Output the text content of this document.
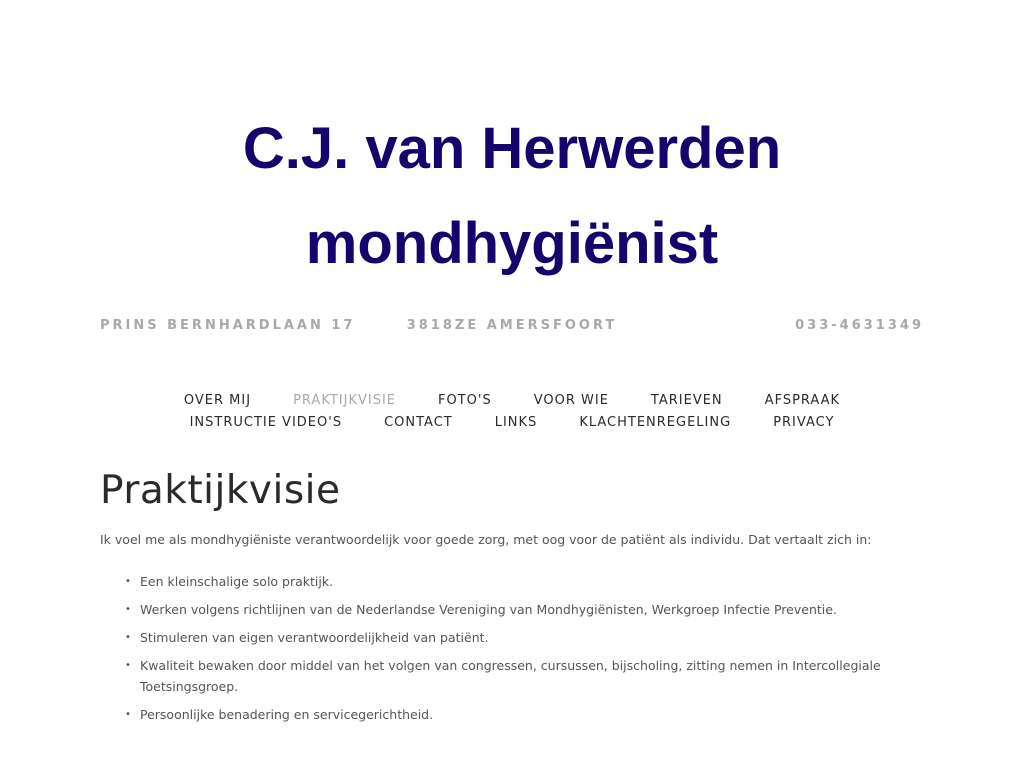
C.J. van Herwerden
mondhygiënist
PRINS BERNHARDLAAN 17	3818ZE AMERSFOORT	033-4631349
OVER MIJ	PRAKTIJKVISIE	FOTO'S	VOOR WIE	TARIEVEN	AFSPRAAK
INSTRUCTIE VIDEO'S	CONTACT	LINKS	KLACHTENREGELING	PRIVACY
Praktijkvisie

Ik voel me als mondhygiëniste verantwoordelijk voor goede zorg, met oog voor de patiënt als individu. Dat vertaalt zich in:

• Een kleinschalige solo praktijk.
• Werken volgens richtlijnen van de Nederlandse Vereniging van Mondhygiënisten, Werkgroep Infectie Preventie.
• Stimuleren van eigen verantwoordelijkheid van patiënt.
• Kwaliteit bewaken door middel van het volgen van congressen, cursussen, bijscholing, zitting nemen in Intercollegiale Toetsingsgroep.
• Persoonlijke benadering en servicegerichtheid.
